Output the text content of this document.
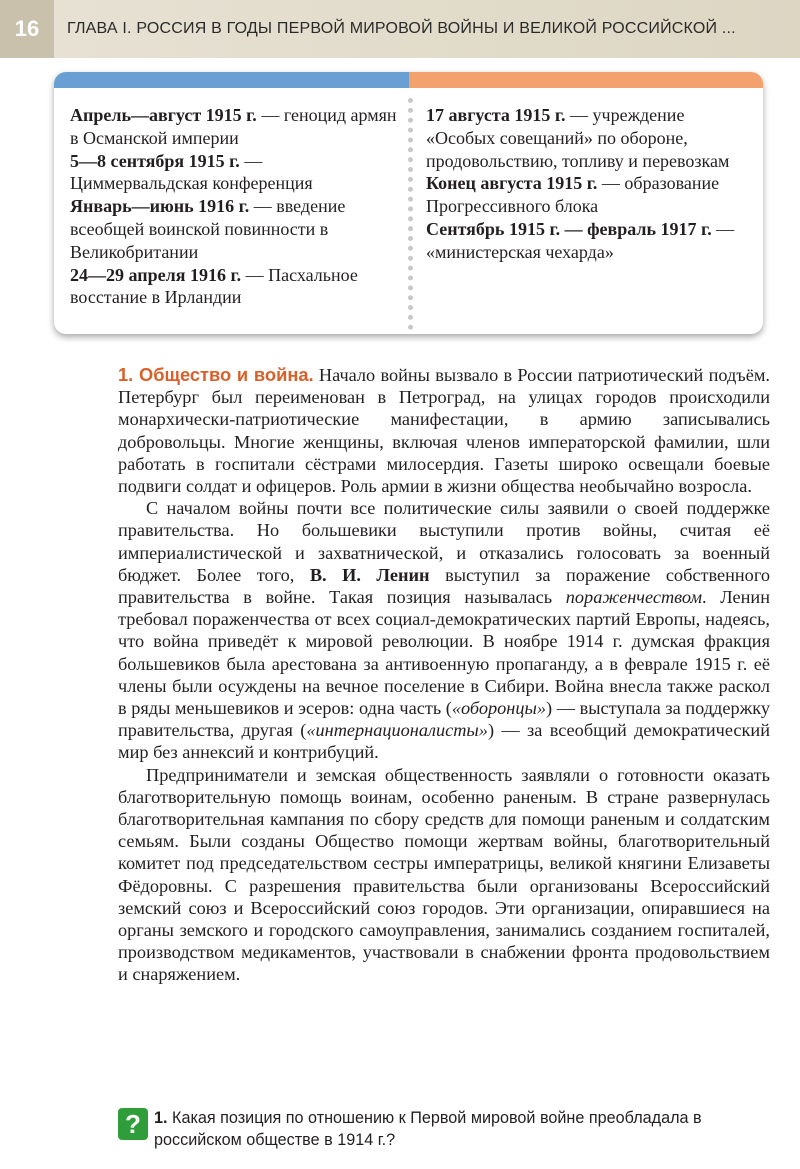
16	ГЛАВА I. РОССИЯ В ГОДЫ ПЕРВОЙ МИРОВОЙ ВОЙНЫ И ВЕЛИКОЙ РОССИЙСКОЙ ...

Апрель—август 1915 г. — геноцид армян в Османской империи

5—8 сентября 1915 г. — Циммервальдская конференция

Январь—июнь 1916 г. — введение всеобщей воинской повинности в Великобритании

24—29 апреля 1916 г. — Пасхальное восстание в Ирландии

17 августа 1915 г. — учреждение «Особых совещаний» по обороне, продовольствию, топливу и перевозкам

Конец августа 1915 г. — образование Прогрессивного блока

Сентябрь 1915 г. — февраль 1917 г. — «министерская чехарда»

1. Общество и война. Начало войны вызвало в России патриотический подъём. Петербург был переименован в Петроград, на улицах городов происходили монархически-патриотические манифестации, в армию записывались добровольцы. Многие женщины, включая членов императорской фамилии, шли работать в госпитали сёстрами милосердия. Газеты широко освещали боевые подвиги солдат и офицеров. Роль армии в жизни общества необычайно возросла.

С началом войны почти все политические силы заявили о своей поддержке правительства. Но большевики выступили против войны, считая её империалистической и захватнической, и отказались голосовать за военный бюджет. Более того, В. И. Ленин выступил за поражение собственного правительства в войне. Такая позиция называлась пораженчеством. Ленин требовал пораженчества от всех социал-демократических партий Европы, надеясь, что война приведёт к мировой революции. В ноябре 1914 г. думская фракция большевиков была арестована за антивоенную пропаганду, а в феврале 1915 г. её члены были осуждены на вечное поселение в Сибири. Война внесла также раскол в ряды меньшевиков и эсеров: одна часть («оборонцы») — выступала за поддержку правительства, другая («интернационалисты») — за всеобщий демократический мир без аннексий и контрибуций.

Предприниматели и земская общественность заявляли о готовности оказать благотворительную помощь воинам, особенно раненым. В стране развернулась благотворительная кампания по сбору средств для помощи раненым и солдатским семьям. Были созданы Общество помощи жертвам войны, благотворительный комитет под председательством сестры императрицы, великой княгини Елизаветы Фёдоровны. С разрешения правительства были организованы Всероссийский земский союз и Всероссийский союз городов. Эти организации, опиравшиеся на органы земского и городского самоуправления, занимались созданием госпиталей, производством медикаментов, участвовали в снабжении фронта продовольствием и снаряжением.

? 1. Какая позиция по отношению к Первой мировой войне преобладала в российском обществе в 1914 г.?
